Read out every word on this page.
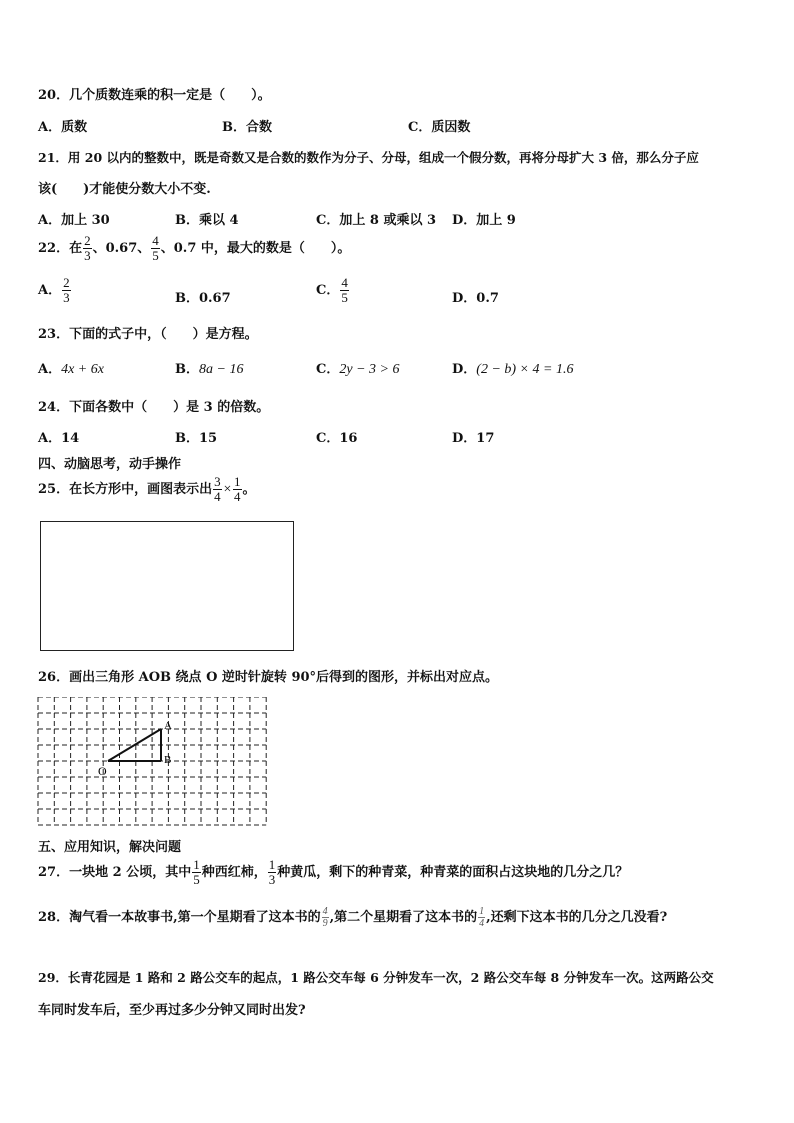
20．几个质数连乘的积一定是（　　）。
A．质数	B．合数	C．质因数
21．用 20 以内的整数中，既是奇数又是合数的数作为分子、分母，组成一个假分数，再将分母扩大 3 倍，那么分子应
该(　　)才能使分数大小不变.
A．加上 30	B．乘以 4	C．加上 8 或乘以 3 D．加上 9
22．在 $\frac{2}{3}$ 、0.67、 $\frac{4}{5}$ 、0.7 中，最大的数是（　　）。
A． $\frac{2}{3}$	B．0.67
C． $\frac{4}{5}$	D．0.7
23．下面的式子中，（　　）是方程。
A．4x + 6x	B．8a − 16	C．2y − 3 > 6	D．(2 − b) × 4 = 1.6
24．下面各数中（　　）是 3 的倍数。
A．14	B．15	C．16	D．17
四、动脑思考，动手操作
25．在长方形中，画图表示出 $\frac{3}{4} \times \frac{1}{4}$ 。
26．画出三角形 AOB 绕点 O 逆时针旋转 90°后得到的图形，并标出对应点。
A
B
O
五、应用知识，解决问题
27．一块地 2 公顷，其中 $\frac{1}{5}$ 种西红柿， $\frac{1}{3}$ 种黄瓜，剩下的种青菜，种青菜的面积占这块地的几分之几？
28．淘气看一本故事书,第一个星期看了这本书的 $\frac{4}{9}$ ,第二个星期看了这本书的 $\frac{1}{4}$ ,还剩下这本书的几分之几没看?
29．长青花园是 1 路和 2 路公交车的起点，1 路公交车每 6 分钟发车一次，2 路公交车每 8 分钟发车一次。这两路公交
车同时发车后，至少再过多少分钟又同时出发?
